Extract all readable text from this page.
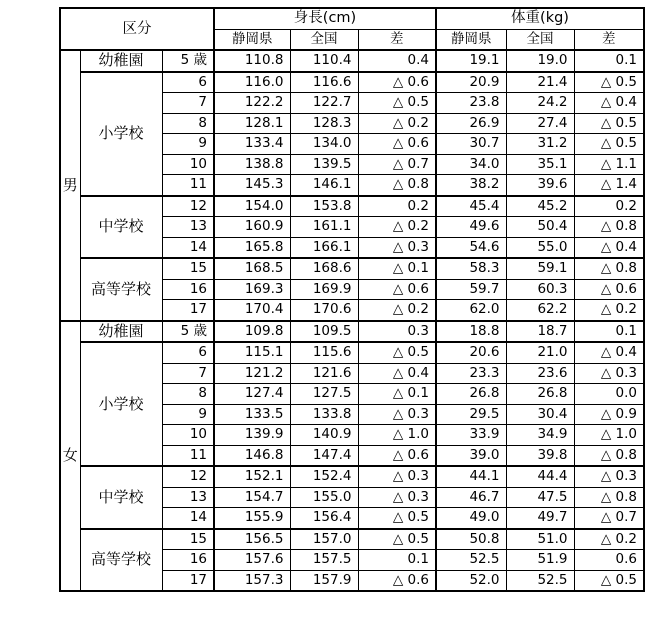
区分			身長(cm)			体重(kg)		
			静岡県	全国	差	静岡県	全国	差
男	幼稚園	5 歳	110.8	110.4	0.4	19.1	19.0	0.1
	小学校	6	116.0	116.6	△ 0.6	20.9	21.4	△ 0.5
		7	122.2	122.7	△ 0.5	23.8	24.2	△ 0.4
		8	128.1	128.3	△ 0.2	26.9	27.4	△ 0.5
		9	133.4	134.0	△ 0.6	30.7	31.2	△ 0.5
		10	138.8	139.5	△ 0.7	34.0	35.1	△ 1.1
		11	145.3	146.1	△ 0.8	38.2	39.6	△ 1.4
	中学校	12	154.0	153.8	0.2	45.4	45.2	0.2
		13	160.9	161.1	△ 0.2	49.6	50.4	△ 0.8
		14	165.8	166.1	△ 0.3	54.6	55.0	△ 0.4
	高等学校	15	168.5	168.6	△ 0.1	58.3	59.1	△ 0.8
		16	169.3	169.9	△ 0.6	59.7	60.3	△ 0.6
		17	170.4	170.6	△ 0.2	62.0	62.2	△ 0.2
女	幼稚園	5 歳	109.8	109.5	0.3	18.8	18.7	0.1
	小学校	6	115.1	115.6	△ 0.5	20.6	21.0	△ 0.4
		7	121.2	121.6	△ 0.4	23.3	23.6	△ 0.3
		8	127.4	127.5	△ 0.1	26.8	26.8	0.0
		9	133.5	133.8	△ 0.3	29.5	30.4	△ 0.9
		10	139.9	140.9	△ 1.0	33.9	34.9	△ 1.0
		11	146.8	147.4	△ 0.6	39.0	39.8	△ 0.8
	中学校	12	152.1	152.4	△ 0.3	44.1	44.4	△ 0.3
		13	154.7	155.0	△ 0.3	46.7	47.5	△ 0.8
		14	155.9	156.4	△ 0.5	49.0	49.7	△ 0.7
	高等学校	15	156.5	157.0	△ 0.5	50.8	51.0	△ 0.2
		16	157.6	157.5	0.1	52.5	51.9	0.6
		17	157.3	157.9	△ 0.6	52.0	52.5	△ 0.5
